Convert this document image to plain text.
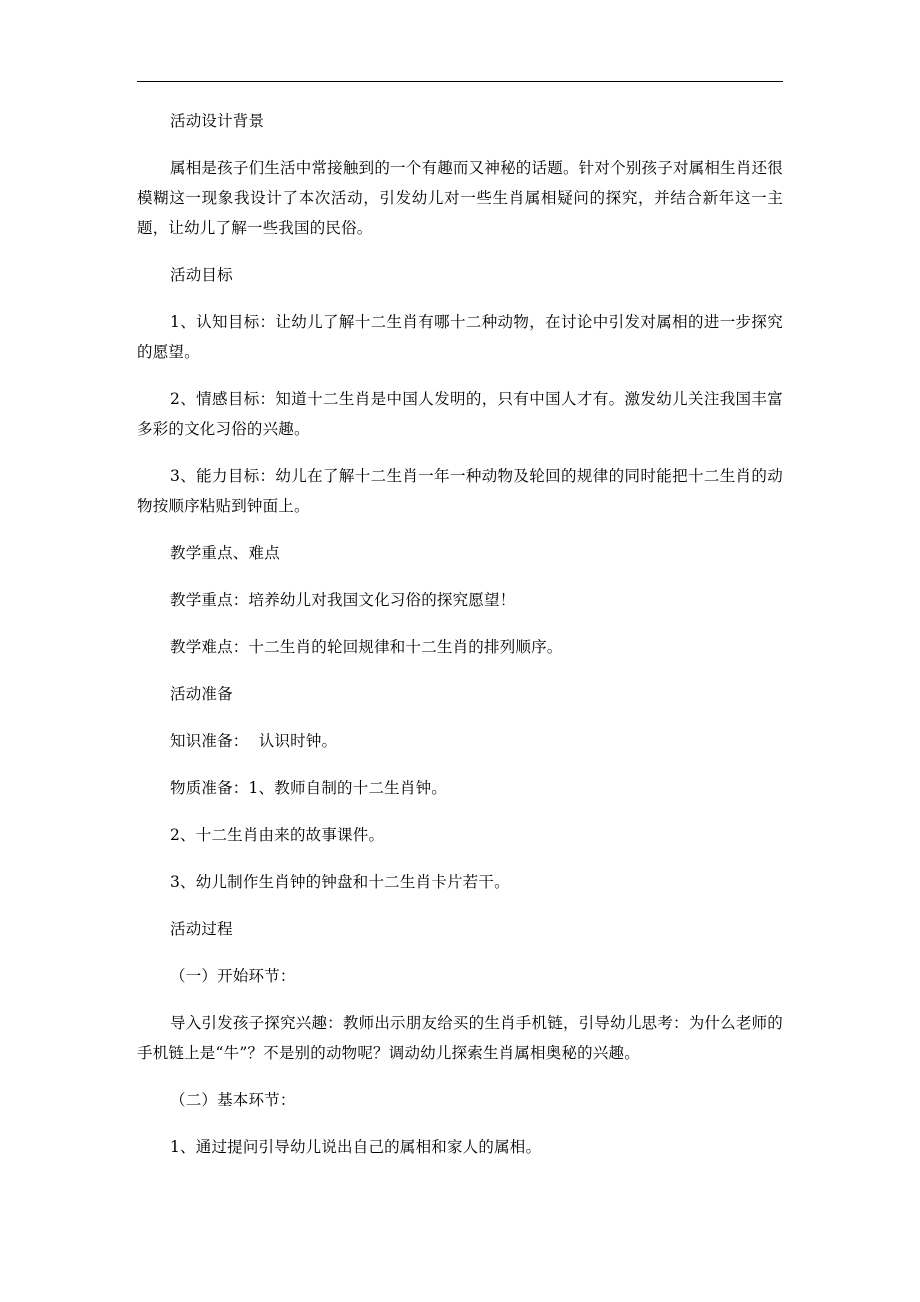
活动设计背景

属相是孩子们生活中常接触到的一个有趣而又神秘的话题。针对个别孩子对属相生肖还很模糊这一现象我设计了本次活动，引发幼儿对一些生肖属相疑问的探究，并结合新年这一主题，让幼儿了解一些我国的民俗。

活动目标

1、认知目标：让幼儿了解十二生肖有哪十二种动物，在讨论中引发对属相的进一步探究的愿望。

2、情感目标：知道十二生肖是中国人发明的，只有中国人才有。激发幼儿关注我国丰富多彩的文化习俗的兴趣。

3、能力目标：幼儿在了解十二生肖一年一种动物及轮回的规律的同时能把十二生肖的动物按顺序粘贴到钟面上。

教学重点、难点

教学重点：培养幼儿对我国文化习俗的探究愿望！

教学难点：十二生肖的轮回规律和十二生肖的排列顺序。

活动准备

知识准备：  认识时钟。

物质准备：1、教师自制的十二生肖钟。

2、十二生肖由来的故事课件。

3、幼儿制作生肖钟的钟盘和十二生肖卡片若干。

活动过程

（一）开始环节：

导入引发孩子探究兴趣：教师出示朋友给买的生肖手机链，引导幼儿思考：为什么老师的手机链上是“牛”？不是别的动物呢？调动幼儿探索生肖属相奥秘的兴趣。

（二）基本环节：

1、通过提问引导幼儿说出自己的属相和家人的属相。
